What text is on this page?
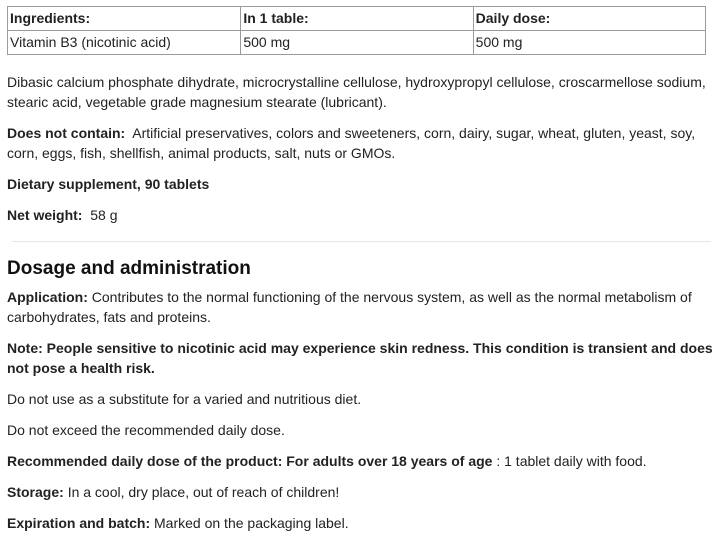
Ingredients:	In 1 table:	Daily dose:
Vitamin B3 (nicotinic acid)	500 mg	500 mg

Dibasic calcium phosphate dihydrate, microcrystalline cellulose, hydroxypropyl cellulose, croscarmellose sodium, stearic acid, vegetable grade magnesium stearate (lubricant).

Does not contain: Artificial preservatives, colors and sweeteners, corn, dairy, sugar, wheat, gluten, yeast, soy, corn, eggs, fish, shellfish, animal products, salt, nuts or GMOs.

Dietary supplement, 90 tablets

Net weight: 58 g

Dosage and administration

Application: Contributes to the normal functioning of the nervous system, as well as the normal metabolism of carbohydrates, fats and proteins.

Note: People sensitive to nicotinic acid may experience skin redness. This condition is transient and does not pose a health risk.

Do not use as a substitute for a varied and nutritious diet.

Do not exceed the recommended daily dose.

Recommended daily dose of the product: For adults over 18 years of age : 1 tablet daily with food.

Storage: In a cool, dry place, out of reach of children!

Expiration and batch: Marked on the packaging label.
